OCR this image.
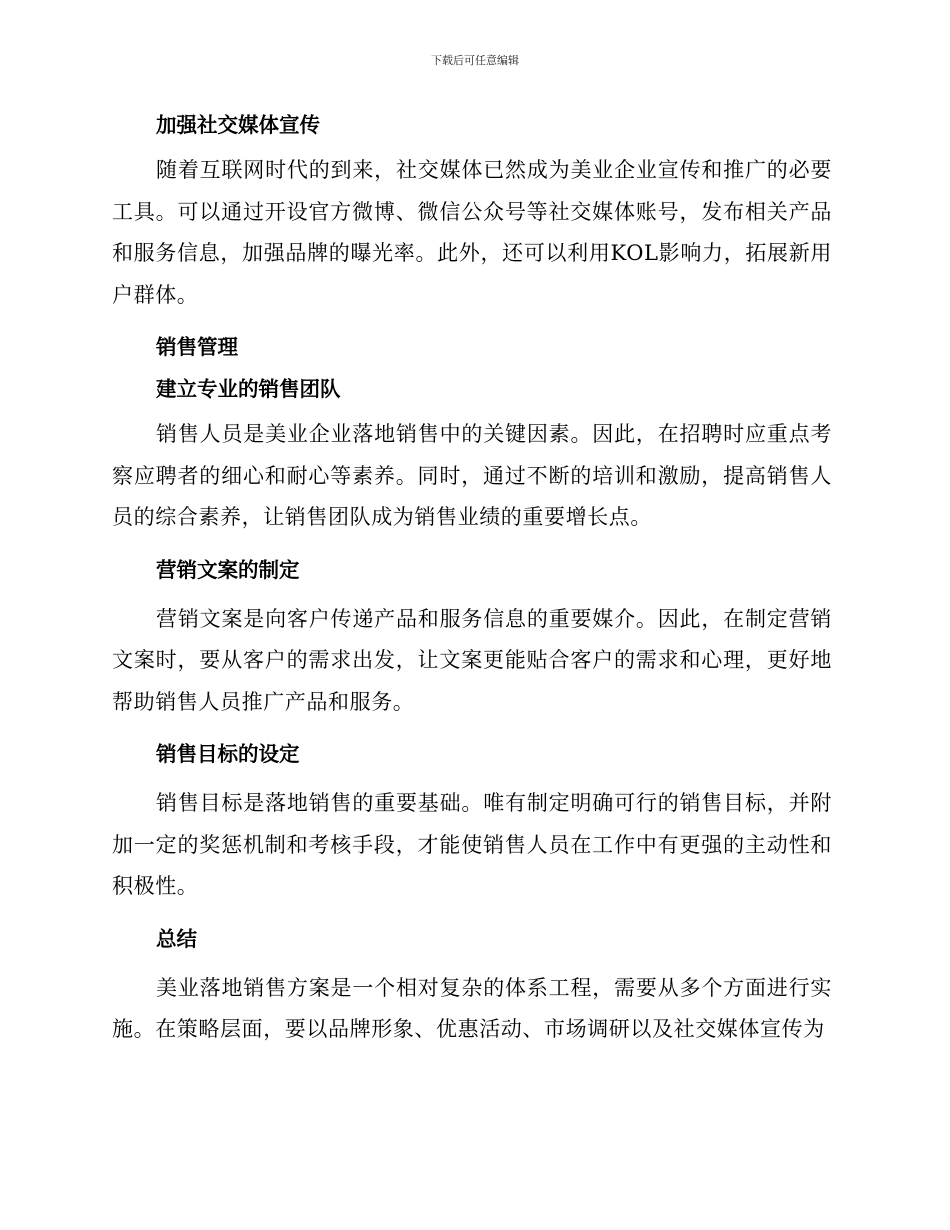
下载后可任意编辑
加强社交媒体宣传

随着互联网时代的到来，社交媒体已然成为美业企业宣传和推广的必要工具。可以通过开设官方微博、微信公众号等社交媒体账号，发布相关产品和服务信息，加强品牌的曝光率。此外，还可以利用KOL影响力，拓展新用户群体。

销售管理
建立专业的销售团队

销售人员是美业企业落地销售中的关键因素。因此，在招聘时应重点考察应聘者的细心和耐心等素养。同时，通过不断的培训和激励，提高销售人员的综合素养，让销售团队成为销售业绩的重要增长点。

营销文案的制定

营销文案是向客户传递产品和服务信息的重要媒介。因此，在制定营销文案时，要从客户的需求出发，让文案更能贴合客户的需求和心理，更好地帮助销售人员推广产品和服务。

销售目标的设定

销售目标是落地销售的重要基础。唯有制定明确可行的销售目标，并附加一定的奖惩机制和考核手段，才能使销售人员在工作中有更强的主动性和积极性。

总结

美业落地销售方案是一个相对复杂的体系工程，需要从多个方面进行实施。在策略层面，要以品牌形象、优惠活动、市场调研以及社交媒体宣传为
